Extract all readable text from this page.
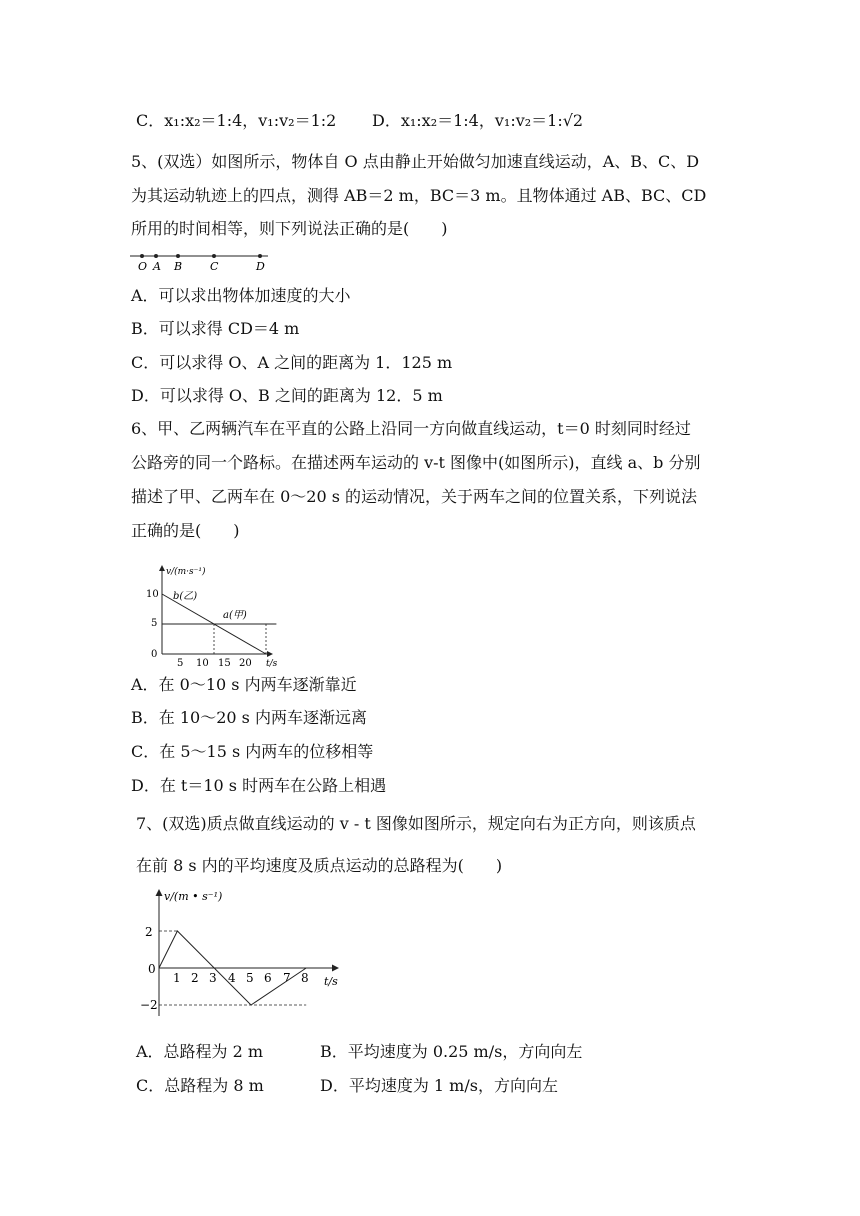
C．x₁:x₂＝1:4，v₁:v₂＝1:2 D．x₁:x₂＝1:4，v₁:v₂＝1:√2
5、(双选）如图所示，物体自 O 点由静止开始做匀加速直线运动，A、B、C、D
为其运动轨迹上的四点，测得 AB＝2 m，BC＝3 m。且物体通过 AB、BC、CD
所用的时间相等，则下列说法正确的是(　　)
O A B	C	D
A．可以求出物体加速度的大小
B．可以求得 CD＝4 m
C．可以求得 O、A 之间的距离为 1．125 m
D．可以求得 O、B 之间的距离为 12．5 m
6、甲、乙两辆汽车在平直的公路上沿同一方向做直线运动，t＝0 时刻同时经过
公路旁的同一个路标。在描述两车运动的 v-t 图像中(如图所示)，直线 a、b 分别
描述了甲、乙两车在 0～20 s 的运动情况，关于两车之间的位置关系，下列说法
正确的是(　　)
v/(m·s⁻¹)
t/s
10
5
0
5 10 15 20
b(乙)
a(甲)
A．在 0～10 s 内两车逐渐靠近
B．在 10～20 s 内两车逐渐远离
C．在 5～15 s 内两车的位移相等
D．在 t＝10 s 时两车在公路上相遇
7、(双选)质点做直线运动的 v - t 图像如图所示，规定向右为正方向，则该质点
在前 8 s 内的平均速度及质点运动的总路程为(　　)
v/(m • s⁻¹)
t/s
2
0
−2
1 2 3 4 5 6 7 8
A．总路程为 2 m	B．平均速度为 0.25 m/s，方向向左
C．总路程为 8 m	D．平均速度为 1 m/s，方向向左
